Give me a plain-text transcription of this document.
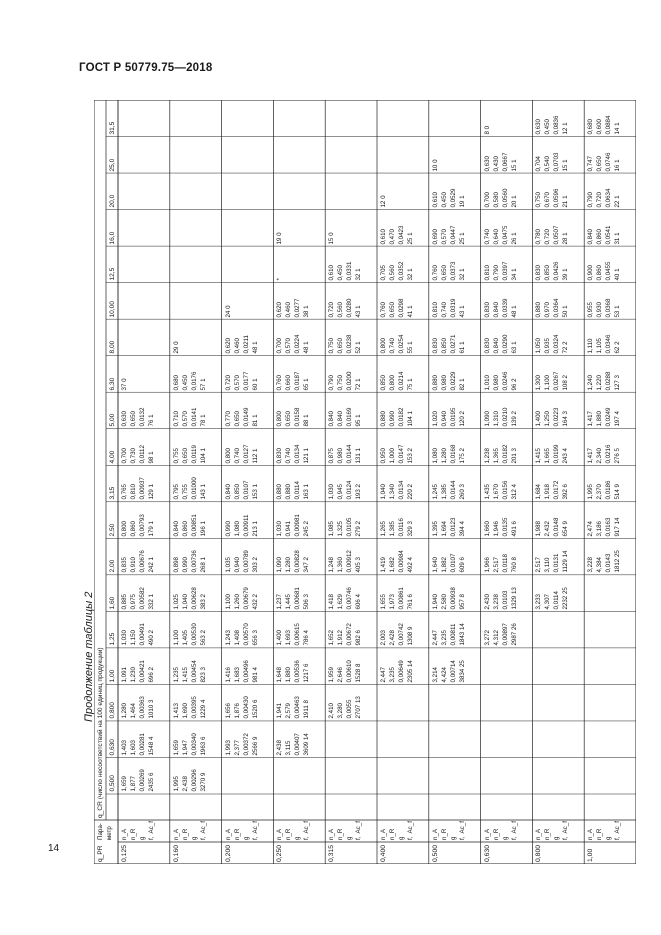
ГОСТ Р 50779.75—2018
Продолжение таблицы 2
14
q_CR (число несоответствий на 100 единиц продукции) 0,500
0,630
0,800
1,00
1,25
1,60
2,00
2,50
3,15
4,00
5,00
6,30
8,00
10,00
12,5
16,0
20,0
25,0
31,5
0,125
n_A n_R g f,  Ac_f
1,659 1,877 0,00269 2435 6
1,403 1,603 0,00281 1548 4
1,280 1,464 0,00363 1010 3
1,091 1,230 0,00421 696 2
1,030 1,150 0,00491 490 2
0,885 0,975 0,00582 332 1
0,835 0,910 0,00676 242 1
0,800 0,860 0,00793 179 1
0,765 0,810 0,00937 129 1
0,700 0,730 0,0112 98 1
0,630 0,650 0,0132 76 1
37 0
0,160
n_A n_R g f,  Ac_f
1,995 2,438 0,00296 3270 9
1,659 1,947 0,00340 1963 6
1,413 1,690 0,00395 1229 4
1,235 1,415 0,00454 823 3
1,100 1,405 0,00530 563 2
1,025 1,040 0,00628 383 2
0,898 0,990 0,00736 268 1
0,840 0,860 0,00851 196 1
0,795 0,755 0,01000 143 1
0,755 0,650 0,0119 104 1
0,710 0,570 0,0141 78 1
0,680 0,450 0,0176 57 1
29 0
0,200
n_A n_R g f,  Ac_f
1,993 2,377 0,00372 2566 9
1,656 1,876 0,00430 1520 6
1,416 1,683 0,00496 981 4
1,243 1,408 0,00570 656 3
1,100 1,260 0,00679 432 2
1,035 0,940 0,00789 303 2
0,990 1,080 0,00911 213 1
0,840 0,850 0,0107 153 1
0,800 0,740 0,0127 112 1
0,770 0,650 0,0149 81 1
0,720 0,570 0,0177 60 1
0,620 0,460 0,0211 48 1
24 0
0,250
n_A n_R g f,  Ac_f
2,438 3,115 0,00407 3609 14
1,941 2,579 0,00463 1911 8
1,648 1,880 0,00536 1217 6
1,400 1,693 0,00615 786 4
1,237 1,445 0,00681 506 3
1,090 1,280 0,00828 347 2
1,030 0,941 0,00981 245 2
0,880 0,880 0,0114 163 1
0,830 0,740 0,0134 121 1
0,800 0,650 0,0158 88 1
0,760 0,660 0,0187 65 1
0,700 0,570 0,0224 48 1
0,620 0,460 0,0277 38 1
*
19 0
0,315
n_A n_R g f,  Ac_f
2,410 3,280 0,0055 2707 13
1,959 2,646 0,00610 1528 8
1,652 1,912 0,00672 982 6
1,418 1,629 0,00746 606 4
1,248 1,360 0,00912 405 3
1,085 1,325 0,0105 279 2
1,030 0,945 0,0124 193 2
0,875 0,980 0,0144 131 1
0,840 0,840 0,0169 95 1
0,790 0,750 0,0200 72 1
0,750 0,650 0,0238 52 1
0,720 0,560 0,0280 43 1
0,610 0,450 0,0331 32 1
15 0
0,400
n_A n_R g f,  Ac_f
2,447 3,235 0,00649 2305 14
2,003 2,428 0,00742 1308 9
1,655 1,973 0,00861 761 6
1,419 1,682 0,00984 492 4
1,265 1,385 0,0116 329 3
1,040 1,340 0,0134 220 2
0,950 1,000 0,0147 153 2
0,880 0,990 0,0182 104 1
0,850 0,800 0,0214 75 1
0,800 0,740 0,0254 55 1
0,760 0,650 0,0298 41 1
0,705 0,560 0,0352 32 1
0,610 0,470 0,0423 25 1
12 0
0,500
n_A n_R g f,  Ac_f
3,214 4,424 0,00714 3834 25
2,447 3,235 0,00811 1843 14
1,940 2,580 0,00938 957 8
1,640 1,882 0,0107 609 6
1,395 1,694 0,0123 394 4
1,245 1,385 0,0144 260 3
1,080 1,280 0,0168 175 2
1,020 0,940 0,0195 120 2
0,880 0,980 0,0229 82 1
0,830 0,850 0,0271 61 1
0,810 0,740 0,0319 43 1
0,760 0,650 0,0373 32 1
0,690 0,570 0,0447 25 1
0,610 0,450 0,0529 19 1
10 0
0,630
n_A n_R g f,  Ac_f
3,272 4,312 0,00897 2987 26
2,430 3,238 0,0103 1329 13
1,966 2,517 0,0118 760 8
1,660 1,946 0,0135 491 6
1,435 1,670 0,0156 312 4
1,238 1,365 0,0182 201 3
1,090 1,310 0,0210 139 2
1,010 0,980 0,0246 96 2
0,830 0,840 0,0290 63 1
0,830 0,840 0,0339 48 1
0,810 0,790 0,0397 34 1
0,740 0,640 0,0475 26 1
0,700 0,580 0,0560 20 1
0,630 0,430 0,0667 15 1
8 0
0,800
n_A n_R g f,  Ac_f
3,233 4,307 0,0114 2232 25
2,517 3,110 0,0131 1129 14
1,988 2,432 0,0148 654 9
1,684 1,918 0,0172 392 6
1,415 1,665 0,0199 243 4
1,400 1,250 0,0223 164 3
1,300 1,100 0,0267 108 2
1,050 0,935 0,0324 72 2
0,880 0,970 0,0364 50 1
0,830 0,850 0,0426 39 1
0,780 0,720 0,0507 28 1
0,750 0,670 0,0596 21 1
0,704 0,540 0,0703 15 1
0,630 0,450 0,0836 12 1
1,00
n_A n_R g f,  Ac_f
3,228 4,384 0,0143 1812 25
2,474 3,186 0,0163 917 14
1,995 2,370 0,0186 514 9
1,417 2,340 0,0216 276 5
1,417 1,880 0,0249 197 4
1,240 1,220 0,0288 127 3
1,110 1,105 0,0346 62 2
0,955 0,930 0,0368 53 1
0,900 0,860 0,0455 40 1
0,840 0,860 0,0541 31 1
0,790 0,720 0,0634 22 1
0,747 0,650 0,0746 16 1
0,680 0,600 0,0884 14 1
q_PR
Пара- метр
